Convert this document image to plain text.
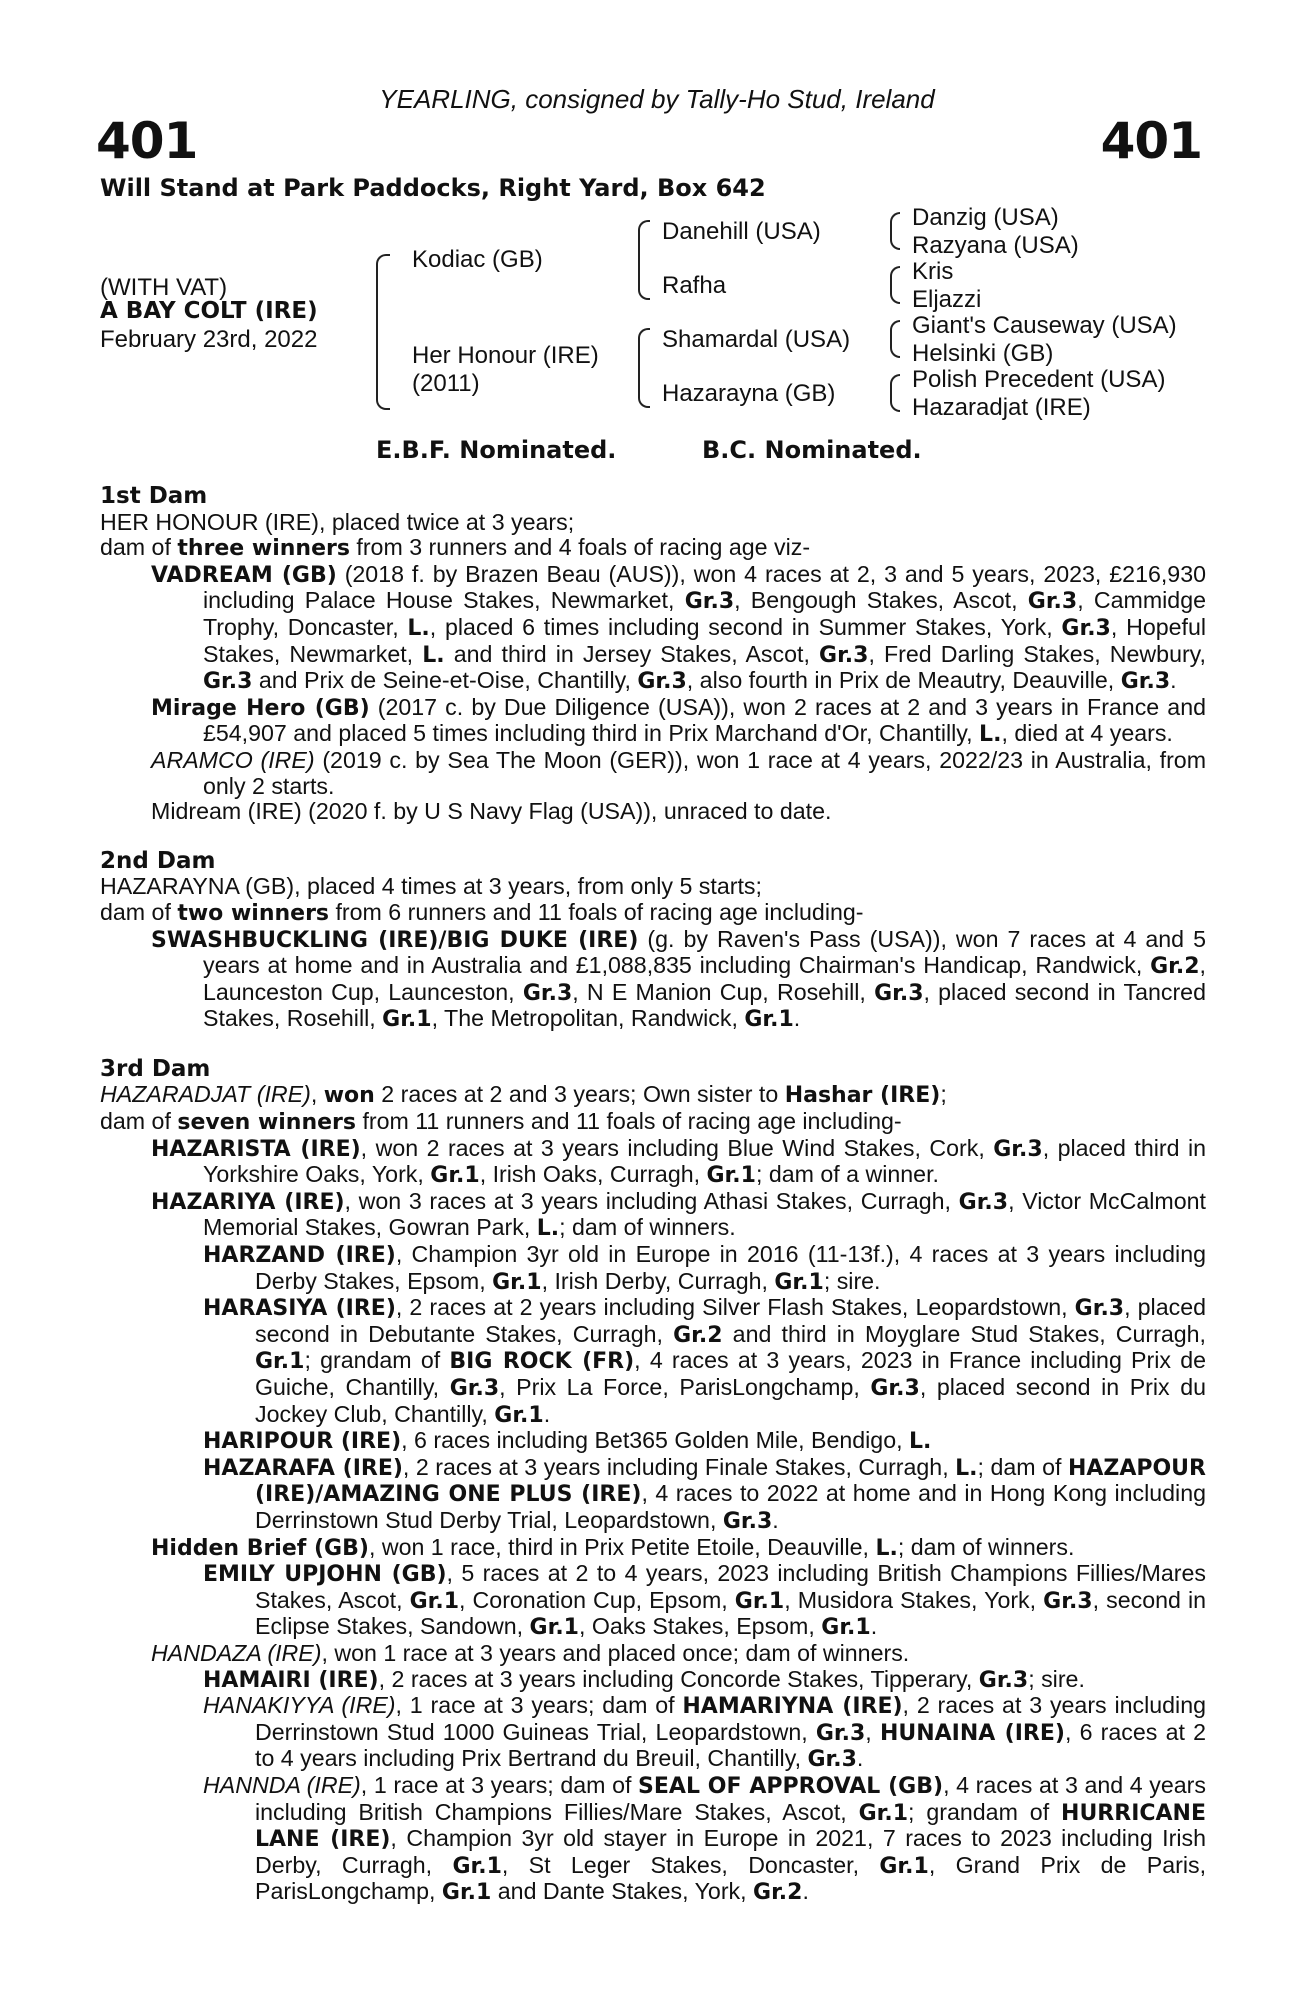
YEARLING, consigned by Tally-Ho Stud, Ireland
401	401
Will Stand at Park Paddocks, Right Yard, Box 642
(WITH VAT)
A BAY COLT (IRE)
February 23rd, 2022
Kodiac (GB)
Her Honour (IRE)
(2011)
Danehill (USA)
Rafha
Shamardal (USA)
Hazarayna (GB)
Danzig (USA)
Razyana (USA)
Kris
Eljazzi
Giant's Causeway (USA)
Helsinki (GB)
Polish Precedent (USA)
Hazaradjat (IRE)
E.B.F. Nominated.	B.C. Nominated.
1st Dam
HER HONOUR (IRE), placed twice at 3 years;
dam of three winners from 3 runners and 4 foals of racing age viz-
VADREAM (GB) (2018 f. by Brazen Beau (AUS)), won 4 races at 2, 3 and 5 years, 2023, £216,930 including Palace House Stakes, Newmarket, Gr.3, Bengough Stakes, Ascot, Gr.3, Cammidge Trophy, Doncaster, L., placed 6 times including second in Summer Stakes, York, Gr.3, Hopeful Stakes, Newmarket, L. and third in Jersey Stakes, Ascot, Gr.3, Fred Darling Stakes, Newbury, Gr.3 and Prix de Seine-et-Oise, Chantilly, Gr.3, also fourth in Prix de Meautry, Deauville, Gr.3.
Mirage Hero (GB) (2017 c. by Due Diligence (USA)), won 2 races at 2 and 3 years in France and £54,907 and placed 5 times including third in Prix Marchand d'Or, Chantilly, L., died at 4 years.
ARAMCO (IRE) (2019 c. by Sea The Moon (GER)), won 1 race at 4 years, 2022/23 in Australia, from only 2 starts.
Midream (IRE) (2020 f. by U S Navy Flag (USA)), unraced to date.
2nd Dam
HAZARAYNA (GB), placed 4 times at 3 years, from only 5 starts;
dam of two winners from 6 runners and 11 foals of racing age including-
SWASHBUCKLING (IRE)/BIG DUKE (IRE) (g. by Raven's Pass (USA)), won 7 races at 4 and 5 years at home and in Australia and £1,088,835 including Chairman's Handicap, Randwick, Gr.2, Launceston Cup, Launceston, Gr.3, N E Manion Cup, Rosehill, Gr.3, placed second in Tancred Stakes, Rosehill, Gr.1, The Metropolitan, Randwick, Gr.1.
3rd Dam
HAZARADJAT (IRE), won 2 races at 2 and 3 years; Own sister to Hashar (IRE);
dam of seven winners from 11 runners and 11 foals of racing age including-
HAZARISTA (IRE), won 2 races at 3 years including Blue Wind Stakes, Cork, Gr.3, placed third in Yorkshire Oaks, York, Gr.1, Irish Oaks, Curragh, Gr.1; dam of a winner.
HAZARIYA (IRE), won 3 races at 3 years including Athasi Stakes, Curragh, Gr.3, Victor McCalmont Memorial Stakes, Gowran Park, L.; dam of winners.
HARZAND (IRE), Champion 3yr old in Europe in 2016 (11-13f.), 4 races at 3 years including Derby Stakes, Epsom, Gr.1, Irish Derby, Curragh, Gr.1; sire.
HARASIYA (IRE), 2 races at 2 years including Silver Flash Stakes, Leopardstown, Gr.3, placed second in Debutante Stakes, Curragh, Gr.2 and third in Moyglare Stud Stakes, Curragh, Gr.1; grandam of BIG ROCK (FR), 4 races at 3 years, 2023 in France including Prix de Guiche, Chantilly, Gr.3, Prix La Force, ParisLongchamp, Gr.3, placed second in Prix du Jockey Club, Chantilly, Gr.1.
HARIPOUR (IRE), 6 races including Bet365 Golden Mile, Bendigo, L.
HAZARAFA (IRE), 2 races at 3 years including Finale Stakes, Curragh, L.; dam of HAZAPOUR (IRE)/AMAZING ONE PLUS (IRE), 4 races to 2022 at home and in Hong Kong including Derrinstown Stud Derby Trial, Leopardstown, Gr.3.
Hidden Brief (GB), won 1 race, third in Prix Petite Etoile, Deauville, L.; dam of winners.
EMILY UPJOHN (GB), 5 races at 2 to 4 years, 2023 including British Champions Fillies/Mares Stakes, Ascot, Gr.1, Coronation Cup, Epsom, Gr.1, Musidora Stakes, York, Gr.3, second in Eclipse Stakes, Sandown, Gr.1, Oaks Stakes, Epsom, Gr.1.
HANDAZA (IRE), won 1 race at 3 years and placed once; dam of winners.
HAMAIRI (IRE), 2 races at 3 years including Concorde Stakes, Tipperary, Gr.3; sire.
HANAKIYYA (IRE), 1 race at 3 years; dam of HAMARIYNA (IRE), 2 races at 3 years including Derrinstown Stud 1000 Guineas Trial, Leopardstown, Gr.3, HUNAINA (IRE), 6 races at 2 to 4 years including Prix Bertrand du Breuil, Chantilly, Gr.3.
HANNDA (IRE), 1 race at 3 years; dam of SEAL OF APPROVAL (GB), 4 races at 3 and 4 years including British Champions Fillies/Mare Stakes, Ascot, Gr.1; grandam of HURRICANE LANE (IRE), Champion 3yr old stayer in Europe in 2021, 7 races to 2023 including Irish Derby, Curragh, Gr.1, St Leger Stakes, Doncaster, Gr.1, Grand Prix de Paris, ParisLongchamp, Gr.1 and Dante Stakes, York, Gr.2.
